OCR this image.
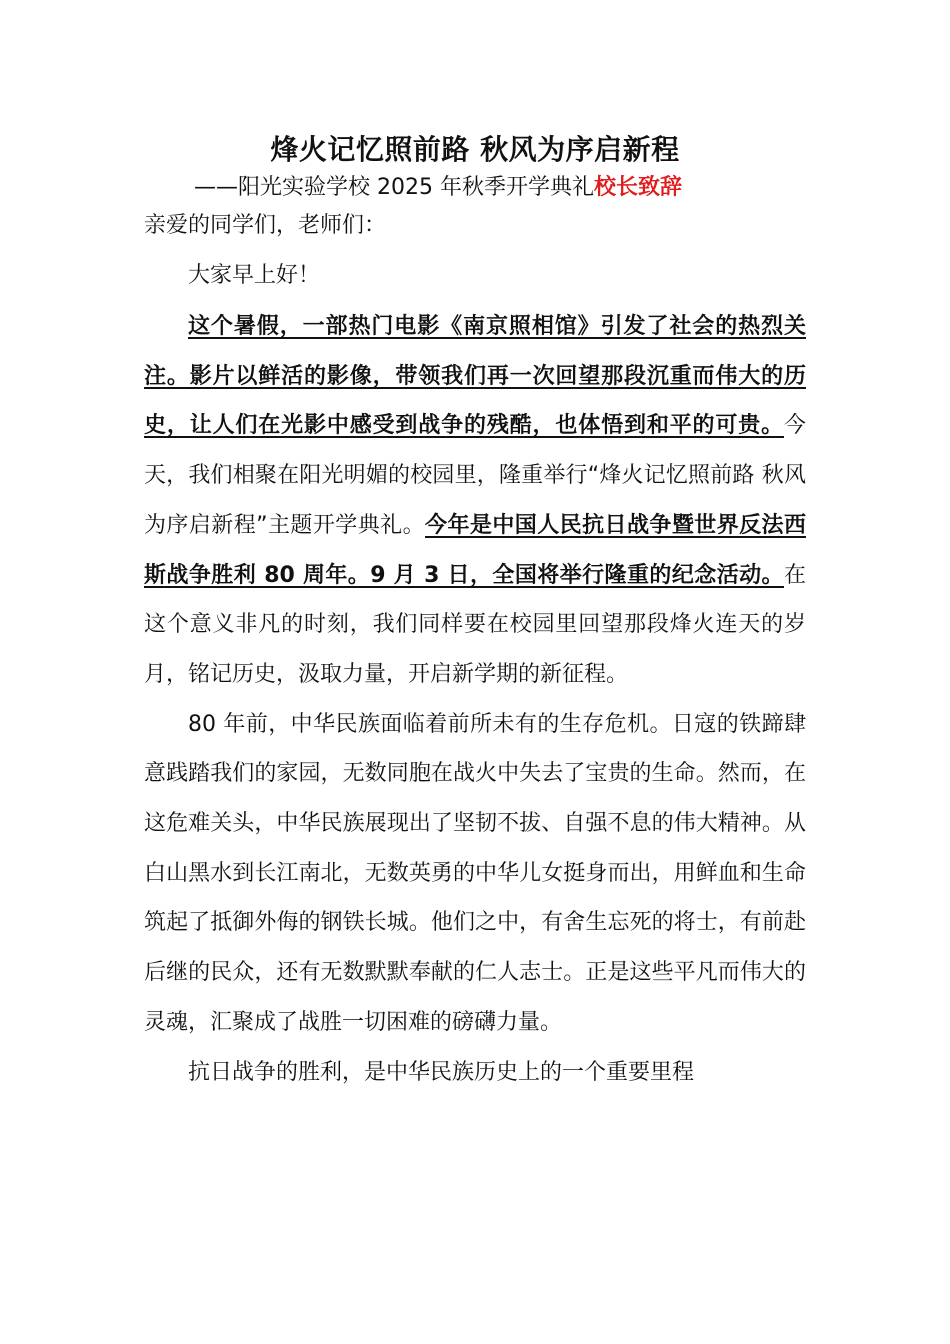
烽火记忆照前路 秋风为序启新程

——阳光实验学校 2025 年秋季开学典礼校长致辞

亲爱的同学们，老师们：

大家早上好！

这个暑假，一部热门电影《南京照相馆》引发了社会的热烈关注。影片以鲜活的影像，带领我们再一次回望那段沉重而伟大的历史，让人们在光影中感受到战争的残酷，也体悟到和平的可贵。今天，我们相聚在阳光明媚的校园里，隆重举行“烽火记忆照前路 秋风为序启新程”主题开学典礼。今年是中国人民抗日战争暨世界反法西斯战争胜利 80 周年。9 月 3 日，全国将举行隆重的纪念活动。在这个意义非凡的时刻，我们同样要在校园里回望那段烽火连天的岁月，铭记历史，汲取力量，开启新学期的新征程。

80 年前，中华民族面临着前所未有的生存危机。日寇的铁蹄肆意践踏我们的家园，无数同胞在战火中失去了宝贵的生命。然而，在这危难关头，中华民族展现出了坚韧不拔、自强不息的伟大精神。从白山黑水到长江南北，无数英勇的中华儿女挺身而出，用鲜血和生命筑起了抵御外侮的钢铁长城。他们之中，有舍生忘死的将士，有前赴后继的民众，还有无数默默奉献的仁人志士。正是这些平凡而伟大的灵魂，汇聚成了战胜一切困难的磅礴力量。

抗日战争的胜利，是中华民族历史上的一个重要里程
